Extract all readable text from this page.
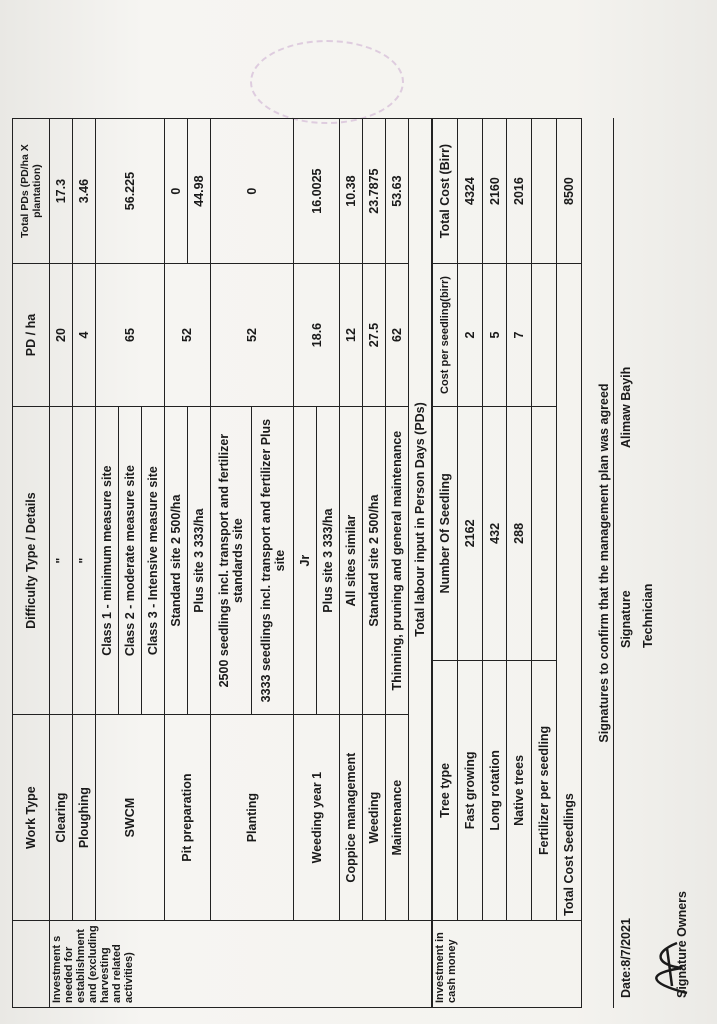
	Work Type	Difficulty Type / Details	PD / ha	Total PDs (PD/ha X plantation)
Investment s needed for establishment and (excluding harvesting and related activities)	Clearing	"	20	17.3
	Ploughing	"	4	3.46
	SWCM	Class 1 - minimum measure site	65	56.225
		Class 2 - moderate measure site		
		Class 3 - Intensive measure site		
	Pit preparation	Standard site 2 500/ha	52	0
		Plus site 3 333/ha		44.98
	Planting	2500 seedlings incl. transport and fertilizer standards site	52	0
		3333 seedlings incl. transport and fertilizer Plus site		
	Weeding year 1	Jr	18.6	16.0025
		Plus site 3 333/ha		
	Coppice management	All sites similar	12	10.38
	Weeding	Standard site 2 500/ha	27.5	23.7875
	Maintenance	Thinning, pruning and general maintenance	62	53.63
	Total labour input in Person Days (PDs)			
Investment in cash money	Tree type	Number Of Seedling	Cost per seedling(birr)	Total Cost (Birr)
	Fast growing	2162	2	4324
	Long rotation	432	5	2160
	Native trees	288	7	2016
	Fertilizer per seedling			
	Total Cost Seedlings			8500
Signatures to confirm that the management plan was agreed
Date:8/7/2021
Signature
Alimaw Bayih
Signature Owners
Technician
